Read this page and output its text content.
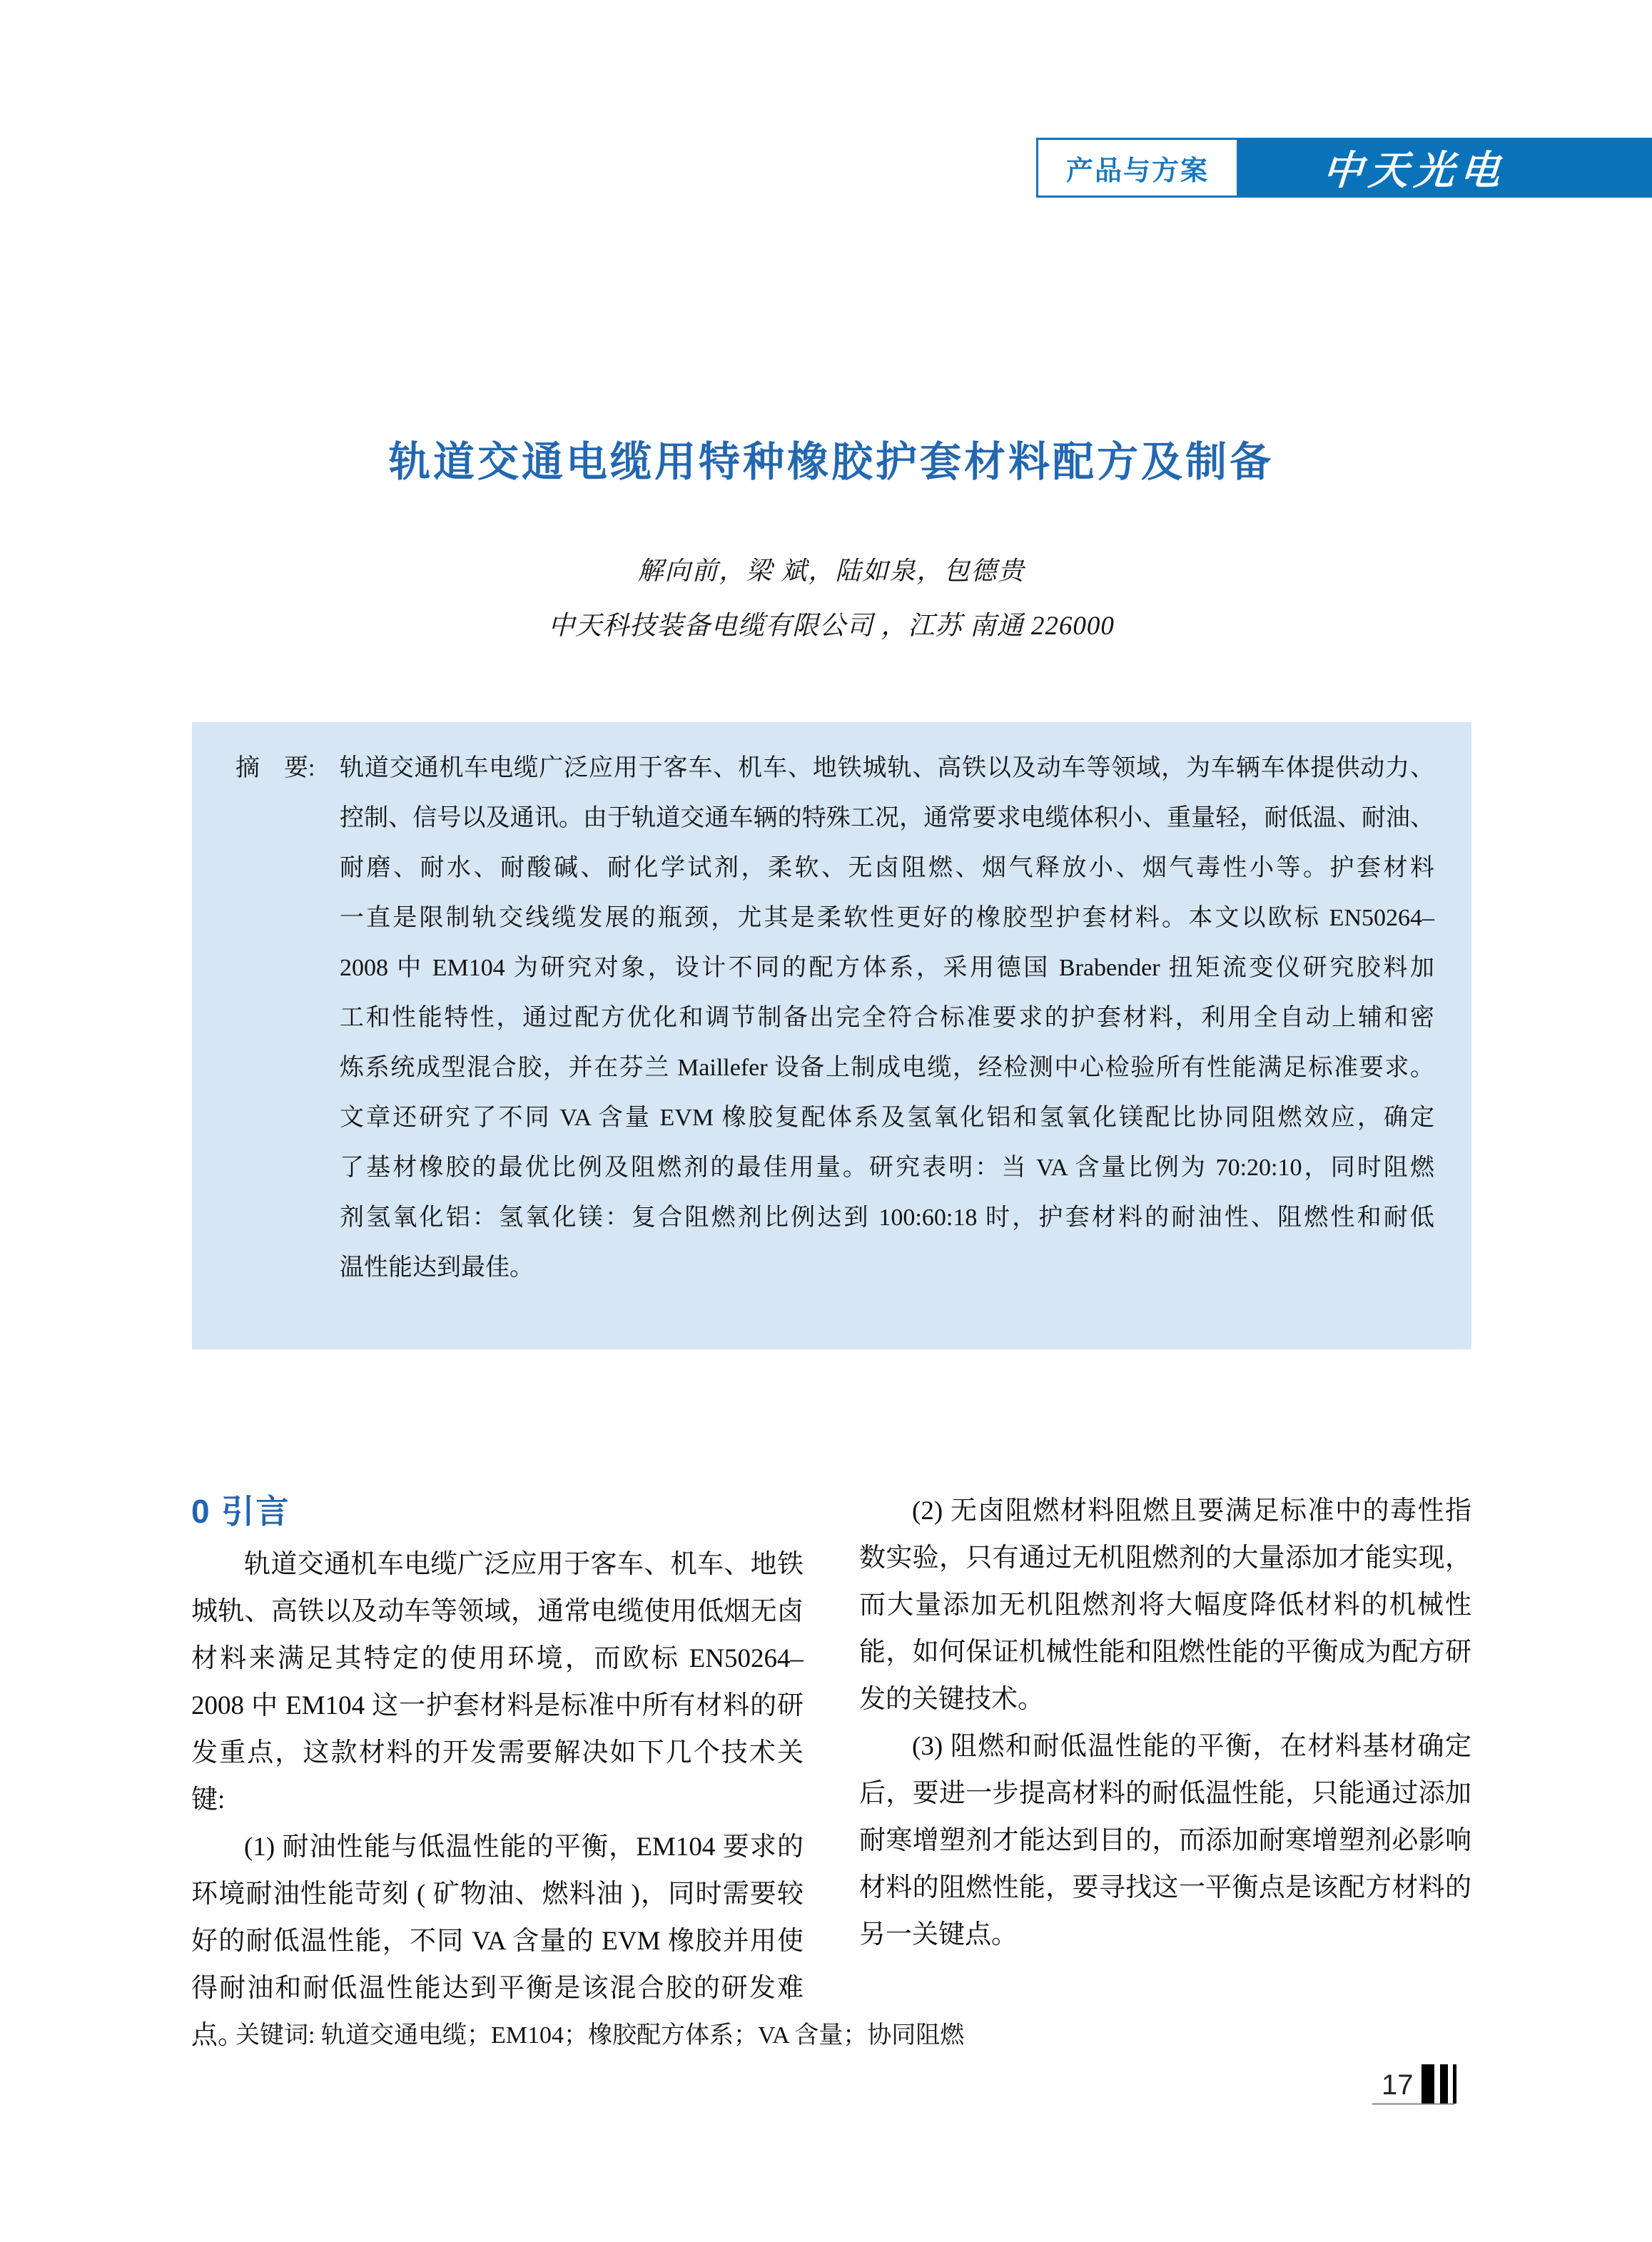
产品与方案	中天光电
轨道交通电缆用特种橡胶护套材料配方及制备
解向前，梁 斌，陆如泉，包德贵
中天科技装备电缆有限公司 ，江苏 南通 226000
摘　要: 轨道交通机车电缆广泛应用于客车、机车、地铁城轨、高铁以及动车等领域，为车辆车体提供动力、
控制、信号以及通讯。由于轨道交通车辆的特殊工况，通常要求电缆体积小、重量轻，耐低温、耐油、
耐磨、耐水、耐酸碱、耐化学试剂，柔软、无卤阻燃、烟气释放小、烟气毒性小等。护套材料
一直是限制轨交线缆发展的瓶颈，尤其是柔软性更好的橡胶型护套材料。本文以欧标 EN50264–
2008 中 EM104 为研究对象，设计不同的配方体系，采用德国 Brabender 扭矩流变仪研究胶料加
工和性能特性，通过配方优化和调节制备出完全符合标准要求的护套材料，利用全自动上辅和密
炼系统成型混合胶，并在芬兰 Maillefer 设备上制成电缆，经检测中心检验所有性能满足标准要求。
文章还研究了不同 VA 含量 EVM 橡胶复配体系及氢氧化铝和氢氧化镁配比协同阻燃效应，确定
了基材橡胶的最优比例及阻燃剂的最佳用量。研究表明：当 VA 含量比例为 70:20:10，同时阻燃
剂氢氧化铝：氢氧化镁：复合阻燃剂比例达到 100:60:18 时，护套材料的耐油性、阻燃性和耐低
温性能达到最佳。
关键词: 轨道交通电缆；EM104；橡胶配方体系；VA 含量；协同阻燃
0 引言
轨道交通机车电缆广泛应用于客车、机车、地铁城轨、高铁以及动车等领域，通常电缆使用低烟无卤材料来满足其特定的使用环境，而欧标 EN50264–2008 中 EM104 这一护套材料是标准中所有材料的研发重点，这款材料的开发需要解决如下几个技术关键:
(1) 耐油性能与低温性能的平衡，EM104 要求的环境耐油性能苛刻 ( 矿物油、燃料油 )，同时需要较好的耐低温性能，不同 VA 含量的 EVM 橡胶并用使得耐油和耐低温性能达到平衡是该混合胶的研发难点。
(2) 无卤阻燃材料阻燃且要满足标准中的毒性指数实验，只有通过无机阻燃剂的大量添加才能实现，而大量添加无机阻燃剂将大幅度降低材料的机械性能，如何保证机械性能和阻燃性能的平衡成为配方研发的关键技术。
(3) 阻燃和耐低温性能的平衡，在材料基材确定后，要进一步提高材料的耐低温性能，只能通过添加耐寒增塑剂才能达到目的，而添加耐寒增塑剂必影响材料的阻燃性能，要寻找这一平衡点是该配方材料的另一关键点。
17
